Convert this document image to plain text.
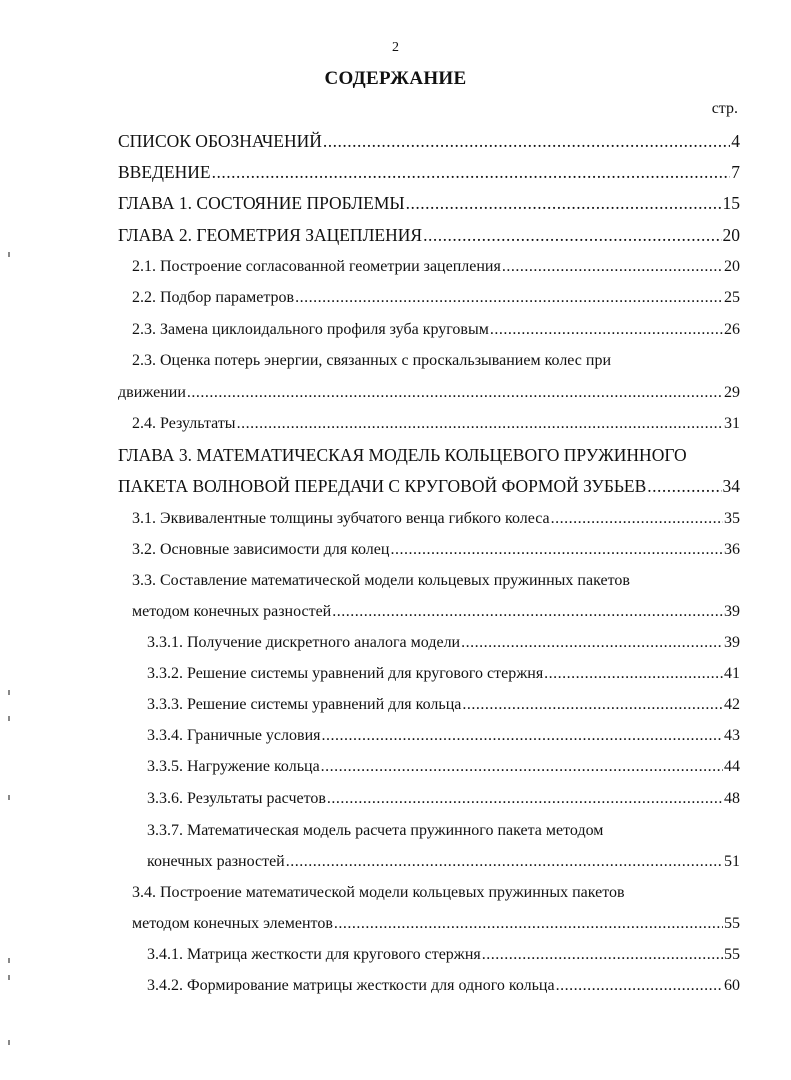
2
СОДЕРЖАНИЕ
стр.
СПИСОК ОБОЗНАЧЕНИЙ .....	4
ВВЕДЕНИЕ .....	7
ГЛАВА 1. СОСТОЯНИЕ ПРОБЛЕМЫ .....	15
ГЛАВА 2. ГЕОМЕТРИЯ ЗАЦЕПЛЕНИЯ .....	20
2.1. Построение согласованной геометрии зацепления .....	20
2.2. Подбор параметров .....	25
2.3. Замена циклоидального профиля зуба круговым .....	26
2.3. Оценка потерь энергии, связанных с проскальзыванием колес при
движении .....	29
2.4. Результаты .....	31
ГЛАВА 3. МАТЕМАТИЧЕСКАЯ МОДЕЛЬ КОЛЬЦЕВОГО ПРУЖИННОГО
ПАКЕТА ВОЛНОВОЙ ПЕРЕДАЧИ С КРУГОВОЙ ФОРМОЙ ЗУБЬЕВ .....	34
3.1. Эквивалентные толщины зубчатого венца гибкого колеса .....	35
3.2. Основные зависимости для колец .....	36
3.3. Составление математической модели кольцевых пружинных пакетов
методом конечных разностей .....	39
3.3.1. Получение дискретного аналога модели .....	39
3.3.2. Решение системы уравнений для кругового стержня .....	41
3.3.3. Решение системы уравнений для кольца .....	42
3.3.4. Граничные условия .....	43
3.3.5. Нагружение кольца .....	44
3.3.6. Результаты расчетов .....	48
3.3.7. Математическая модель расчета пружинного пакета методом
конечных разностей .....	51
3.4. Построение математической модели кольцевых пружинных пакетов
методом конечных элементов .....	55
3.4.1. Матрица жесткости для кругового стержня .....	55
3.4.2. Формирование матрицы жесткости для одного кольца .....	60
